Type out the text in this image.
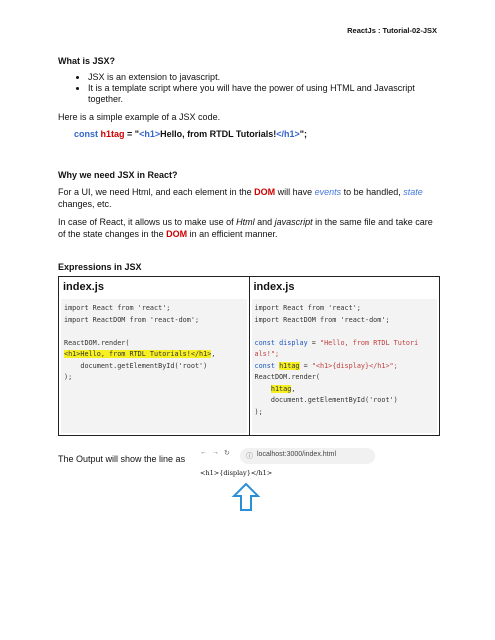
ReactJs : Tutorial-02-JSX
What is JSX?
• JSX is an extension to javascript.
• It is a template script where you will have the power of using HTML and Javascript together.

Here is a simple example of a JSX code.

const h1tag = "<h1>Hello, from RTDL Tutorials!</h1>";

Why we need JSX in React?

For a UI, we need Html, and each element in the DOM will have events to be handled, state changes, etc.

In case of React, it allows us to make use of Html and javascript in the same file and take care of the state changes in the DOM in an efficient manner.

Expressions in JSX
index.js
import React from 'react';
import ReactDOM from 'react-dom';

ReactDOM.render(
<h1>Hello, from RTDL Tutorials!</h1>,
document.getElementById('root')
);
index.js
import React from 'react';
import ReactDOM from 'react-dom';

const display = "Hello, from RTDL Tutori
als!";
const h1tag = "<h1>{display}</h1>";
ReactDOM.render(
h1tag,
document.getElementById('root')
);
The Output will show the line as
← → ↻ ⓘ localhost:3000/index.html
<h1>{display}</h1>
